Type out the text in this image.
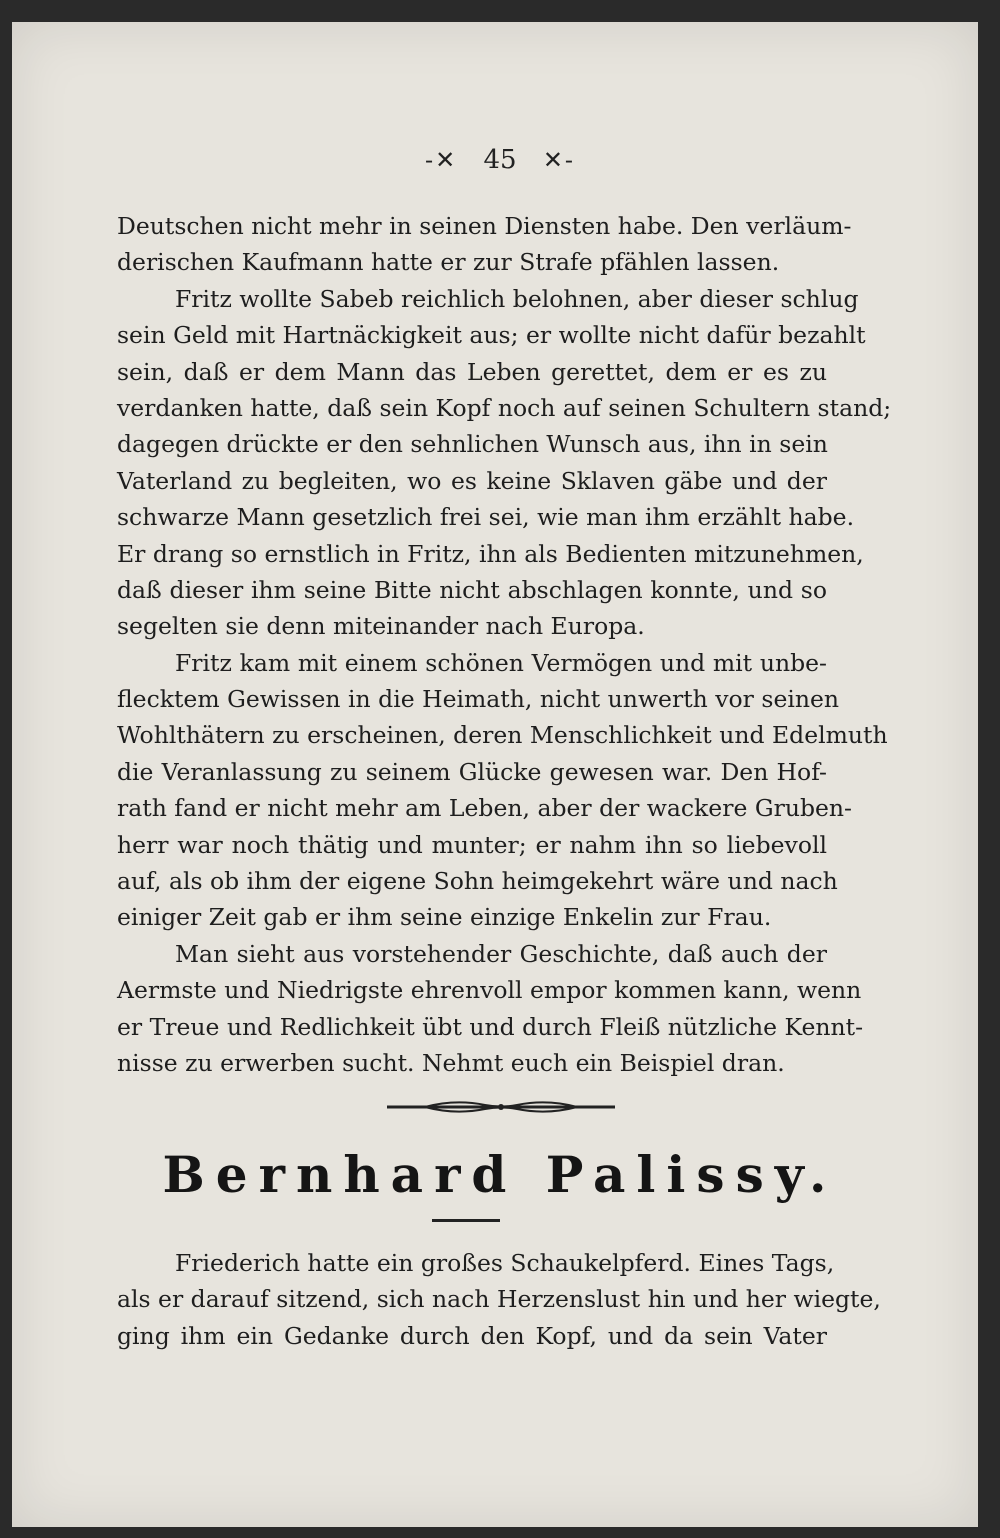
-✕ 45 ✕-
Deutschen nicht mehr in seinen Diensten habe. Den verläum-
derischen Kaufmann hatte er zur Strafe pfählen lassen.
Fritz wollte Sabeb reichlich belohnen, aber dieser schlug
sein Geld mit Hartnäckigkeit aus; er wollte nicht dafür bezahlt
sein, daß er dem Mann das Leben gerettet, dem er es zu
verdanken hatte, daß sein Kopf noch auf seinen Schultern stand;
dagegen drückte er den sehnlichen Wunsch aus, ihn in sein
Vaterland zu begleiten, wo es keine Sklaven gäbe und der
schwarze Mann gesetzlich frei sei, wie man ihm erzählt habe.
Er drang so ernstlich in Fritz, ihn als Bedienten mitzunehmen,
daß dieser ihm seine Bitte nicht abschlagen konnte, und so
segelten sie denn miteinander nach Europa.
Fritz kam mit einem schönen Vermögen und mit unbe-
flecktem Gewissen in die Heimath, nicht unwerth vor seinen
Wohlthätern zu erscheinen, deren Menschlichkeit und Edelmuth
die Veranlassung zu seinem Glücke gewesen war. Den Hof-
rath fand er nicht mehr am Leben, aber der wackere Gruben-
herr war noch thätig und munter; er nahm ihn so liebevoll
auf, als ob ihm der eigene Sohn heimgekehrt wäre und nach
einiger Zeit gab er ihm seine einzige Enkelin zur Frau.
Man sieht aus vorstehender Geschichte, daß auch der
Aermste und Niedrigste ehrenvoll empor kommen kann, wenn
er Treue und Redlichkeit übt und durch Fleiß nützliche Kennt-
nisse zu erwerben sucht. Nehmt euch ein Beispiel dran.
Bernhard Palissy.
Friederich hatte ein großes Schaukelpferd. Eines Tags,
als er darauf sitzend, sich nach Herzenslust hin und her wiegte,
ging ihm ein Gedanke durch den Kopf, und da sein Vater
